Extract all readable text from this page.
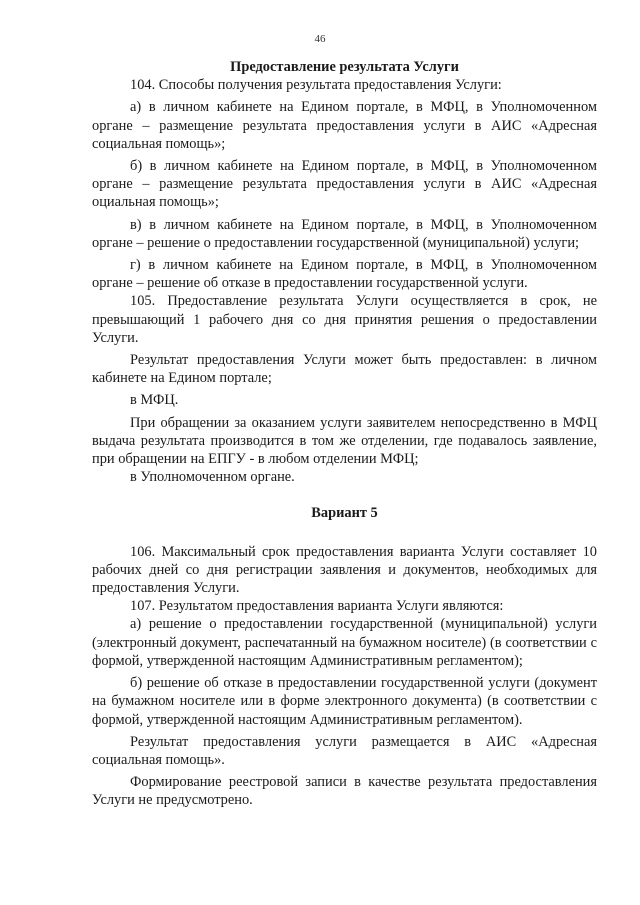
46

Предоставление результата Услуги

104. Способы получения результата предоставления Услуги:

а) в личном кабинете на Едином портале, в МФЦ, в Уполномоченном органе – размещение результата предоставления услуги в АИС «Адресная социальная помощь»;

б) в личном кабинете на Едином портале, в МФЦ, в Уполномоченном органе – размещение результата предоставления услуги в АИС «Адресная оциальная помощь»;

в) в личном кабинете на Едином портале, в МФЦ, в Уполномоченном органе – решение о предоставлении государственной (муниципальной) услуги;

г) в личном кабинете на Едином портале, в МФЦ, в Уполномоченном органе – решение об отказе в предоставлении государственной услуги.

105. Предоставление результата Услуги осуществляется в срок, не превышающий 1 рабочего дня со дня принятия решения о предоставлении Услуги.

Результат предоставления Услуги может быть предоставлен: в личном кабинете на Едином портале;

в МФЦ.

При обращении за оказанием услуги заявителем непосредственно в МФЦ выдача результата производится в том же отделении, где подавалось заявление, при обращении на ЕПГУ - в любом отделении МФЦ;

в Уполномоченном органе.

Вариант 5

106. Максимальный срок предоставления варианта Услуги составляет 10 рабочих дней со дня регистрации заявления и документов, необходимых для предоставления Услуги.

107. Результатом предоставления варианта Услуги являются:

а) решение о предоставлении государственной (муниципальной) услуги (электронный документ, распечатанный на бумажном носителе) (в соответствии с формой, утвержденной настоящим Административным регламентом);

б) решение об отказе в предоставлении государственной услуги (документ на бумажном носителе или в форме электронного документа) (в соответствии с формой, утвержденной настоящим Административным регламентом).

Результат предоставления услуги размещается в АИС «Адресная социальная помощь».

Формирование реестровой записи в качестве результата предоставления Услуги не предусмотрено.
